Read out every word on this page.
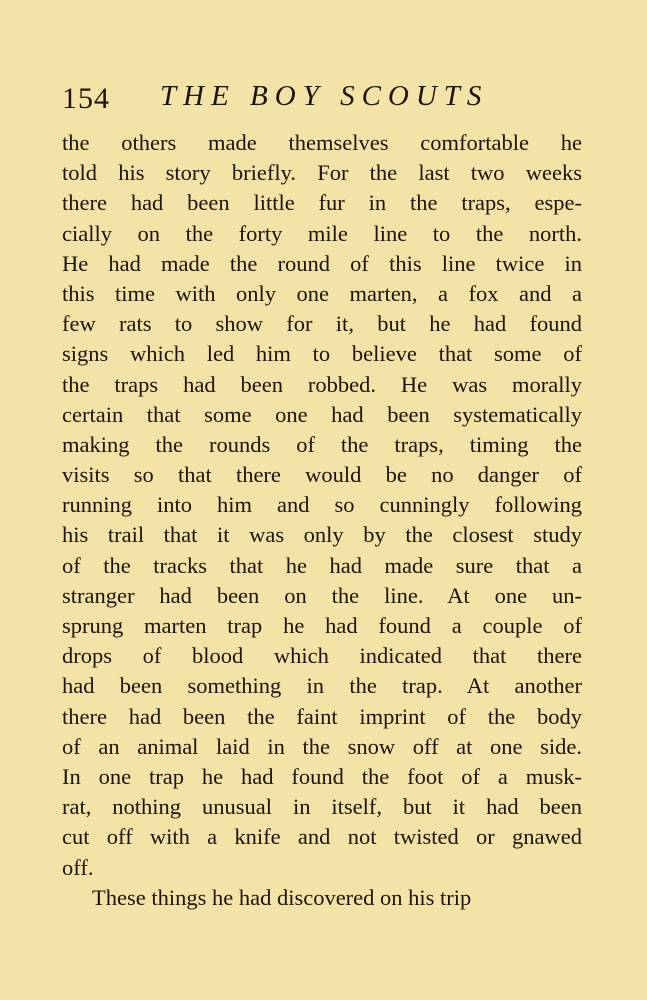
154 THE BOY SCOUTS
the others made themselves comfortable he
told his story briefly. For the last two weeks
there had been little fur in the traps, espe-
cially on the forty mile line to the north.
He had made the round of this line twice in
this time with only one marten, a fox and a
few rats to show for it, but he had found
signs which led him to believe that some of
the traps had been robbed. He was morally
certain that some one had been systematically
making the rounds of the traps, timing the
visits so that there would be no danger of
running into him and so cunningly following
his trail that it was only by the closest study
of the tracks that he had made sure that a
stranger had been on the line. At one un-
sprung marten trap he had found a couple of
drops of blood which indicated that there
had been something in the trap. At another
there had been the faint imprint of the body
of an animal laid in the snow off at one side.
In one trap he had found the foot of a musk-
rat, nothing unusual in itself, but it had been
cut off with a knife and not twisted or gnawed
off.
These things he had discovered on his trip
